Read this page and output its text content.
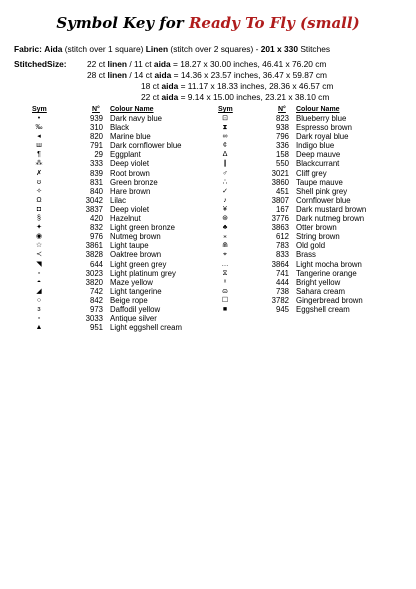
Symbol Key for Ready To Fly (small)
Fabric: Aida (stitch over 1 square) Linen (stitch over 2 squares) - 201 x 330 Stitches
StitchedSize: 22 ct linen / 11 ct aida = 18.27 x 30.00 inches, 46.41 x 76.20 cm
28 ct linen / 14 ct aida = 14.36 x 23.57 inches, 36.47 x 59.87 cm
18 ct aida = 11.17 x 18.33 inches, 28.36 x 46.57 cm
22 ct aida = 9.14 x 15.00 inches, 23.21 x 38.10 cm
Sym	N° Colour Name	Sym	N° Colour Name
•	939 Dark navy blue
‰	310 Black
◂	820 Marine blue
ш	791 Dark cornflower blue
¶	29 Eggplant
⁂	333 Deep violet
✗	839 Root brown
ʊ	831 Green bronze
✧	840 Hare brown
Ω	3042 Lilac
◘	3837 Deep violet
§	420 Hazelnut
✦	832 Light green bronze
◉	976 Nutmeg brown
☆	3861 Light taupe
≺	3828 Oaktree brown
◥	644 Light green grey
▫	3023 Light platinum grey
◓	3820 Maze yellow
◢	742 Light tangerine
○	842 Beige rope
ɜ	973 Daffodil yellow
▫	3033 Antique silver
▲	951 Light eggshell cream
⊡	823 Blueberry blue
⧗	938 Espresso brown
∞	796 Dark royal blue
¢	336 Indigo blue
ᐃ	158 Deep mauve
❙	550 Blackcurrant
♂	3021 Cliff grey
∴	3860 Taupe mauve
✓	451 Shell pink grey
♪	3807 Cornflower blue
¥	167 Dark mustard brown
⊛	3776 Dark nutmeg brown
♣	3863 Otter brown
⁎	612 String brown
⋒	783 Old gold
⌖	833 Brass
…	3864 Light mocha brown
⧖	741 Tangerine orange
ˣ	444 Bright yellow
ɷ	738 Sahara cream
☐	3782 Gingerbread brown
■	945 Eggshell cream
